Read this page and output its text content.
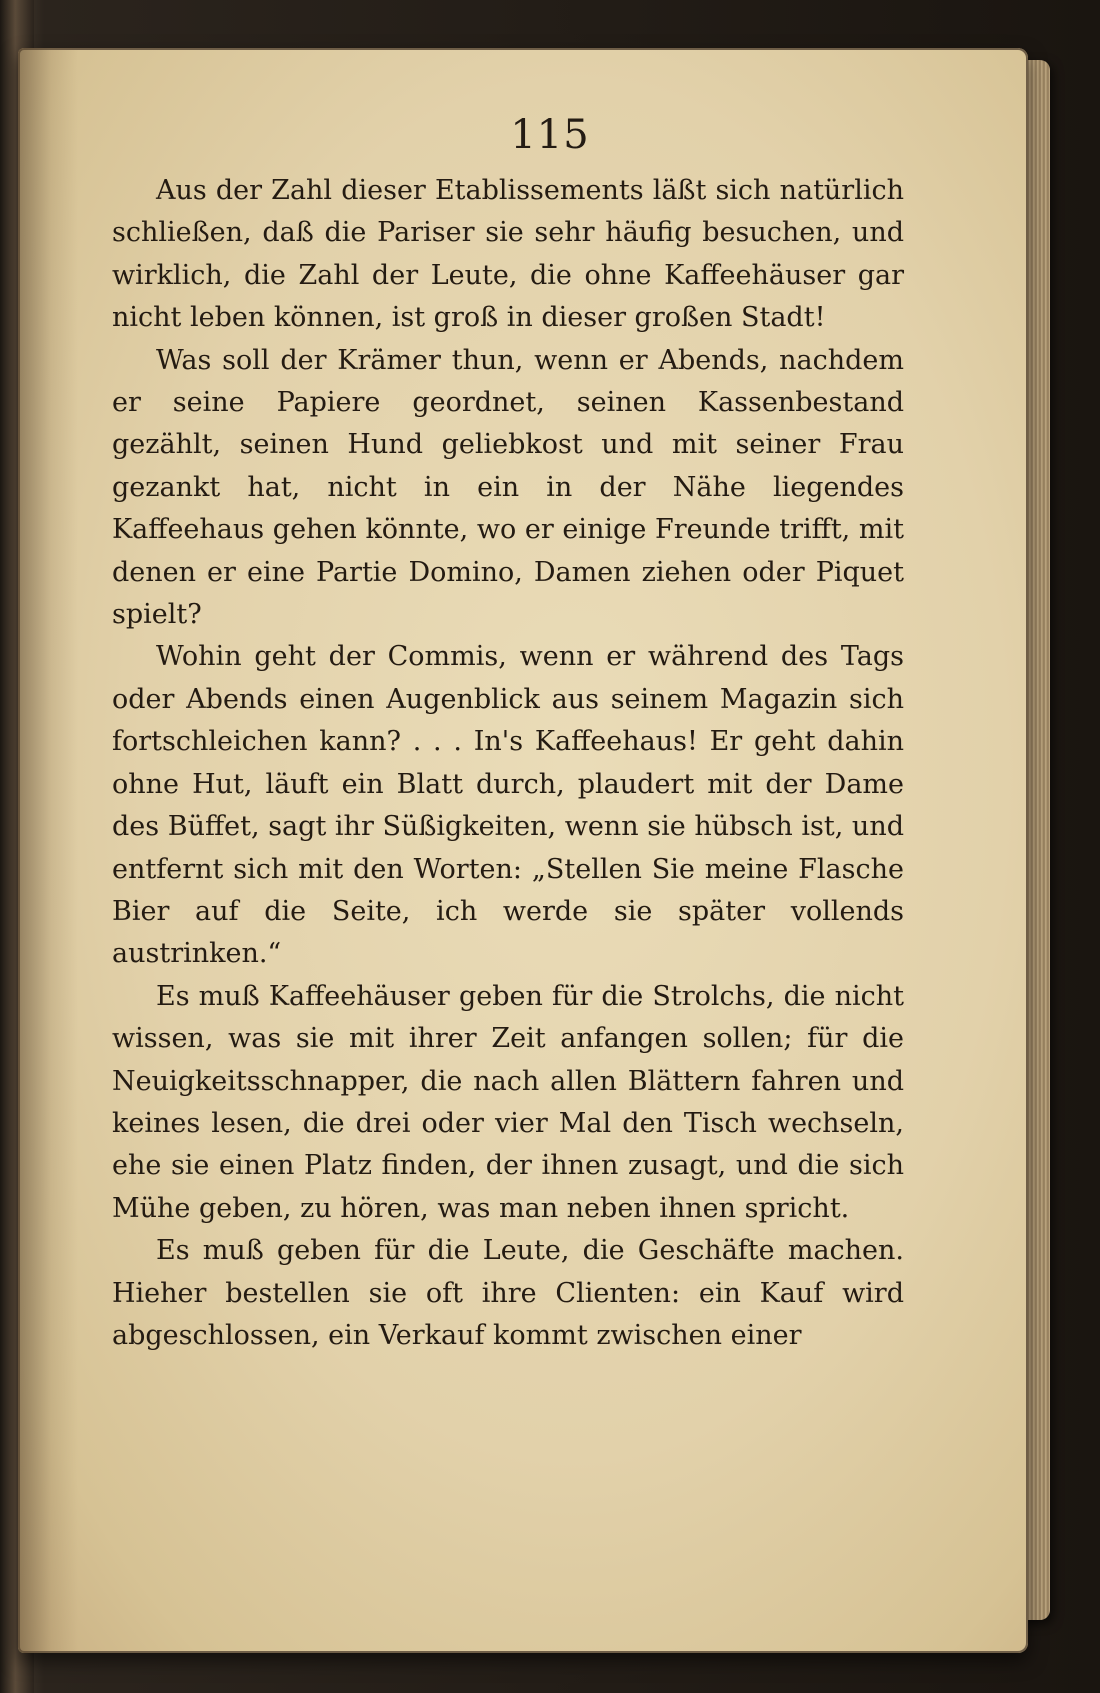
115

Aus der Zahl dieser Etablissements läßt sich natürlich schließen, daß die Pariser sie sehr häufig besuchen, und wirklich, die Zahl der Leute, die ohne Kaffeehäuser gar nicht leben können, ist groß in dieser großen Stadt!

Was soll der Krämer thun, wenn er Abends, nachdem er seine Papiere geordnet, seinen Kassenbestand gezählt, seinen Hund geliebkost und mit seiner Frau gezankt hat, nicht in ein in der Nähe liegendes Kaffeehaus gehen könnte, wo er einige Freunde trifft, mit denen er eine Partie Domino, Damen ziehen oder Piquet spielt?

Wohin geht der Commis, wenn er während des Tags oder Abends einen Augenblick aus seinem Magazin sich fortschleichen kann? . . . In's Kaffeehaus! Er geht dahin ohne Hut, läuft ein Blatt durch, plaudert mit der Dame des Büffet, sagt ihr Süßigkeiten, wenn sie hübsch ist, und entfernt sich mit den Worten: „Stellen Sie meine Flasche Bier auf die Seite, ich werde sie später vollends austrinken.“

Es muß Kaffeehäuser geben für die Strolchs, die nicht wissen, was sie mit ihrer Zeit anfangen sollen; für die Neuigkeitsschnapper, die nach allen Blättern fahren und keines lesen, die drei oder vier Mal den Tisch wechseln, ehe sie einen Platz finden, der ihnen zusagt, und die sich Mühe geben, zu hören, was man neben ihnen spricht.

Es muß geben für die Leute, die Geschäfte machen. Hieher bestellen sie oft ihre Clienten: ein Kauf wird abgeschlossen, ein Verkauf kommt zwischen einer
